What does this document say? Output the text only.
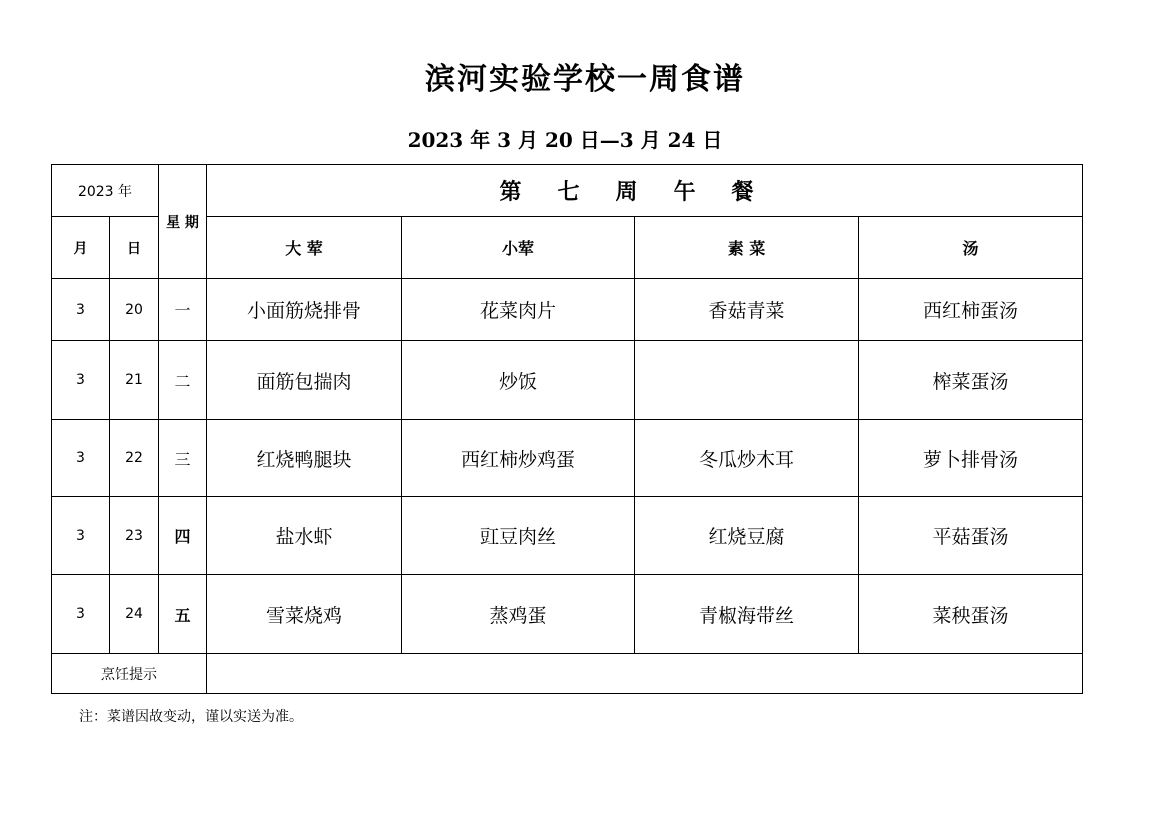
滨河实验学校一周食谱
2023 年 3 月 20 日—3 月 24 日
2023 年		星 期	第七周午餐			
月	日		大 荤	小荤	素 菜	汤
3	20	一	小面筋烧排骨	花菜肉片	香菇青菜	西红柿蛋汤
3	21	二	面筋包揣肉	炒饭		榨菜蛋汤
3	22	三	红烧鸭腿块	西红柿炒鸡蛋	冬瓜炒木耳	萝卜排骨汤
3	23	四	盐水虾	豇豆肉丝	红烧豆腐	平菇蛋汤
3	24	五	雪菜烧鸡	蒸鸡蛋	青椒海带丝	菜秧蛋汤
烹饪提示						
注：菜谱因故变动，谨以实送为准。
